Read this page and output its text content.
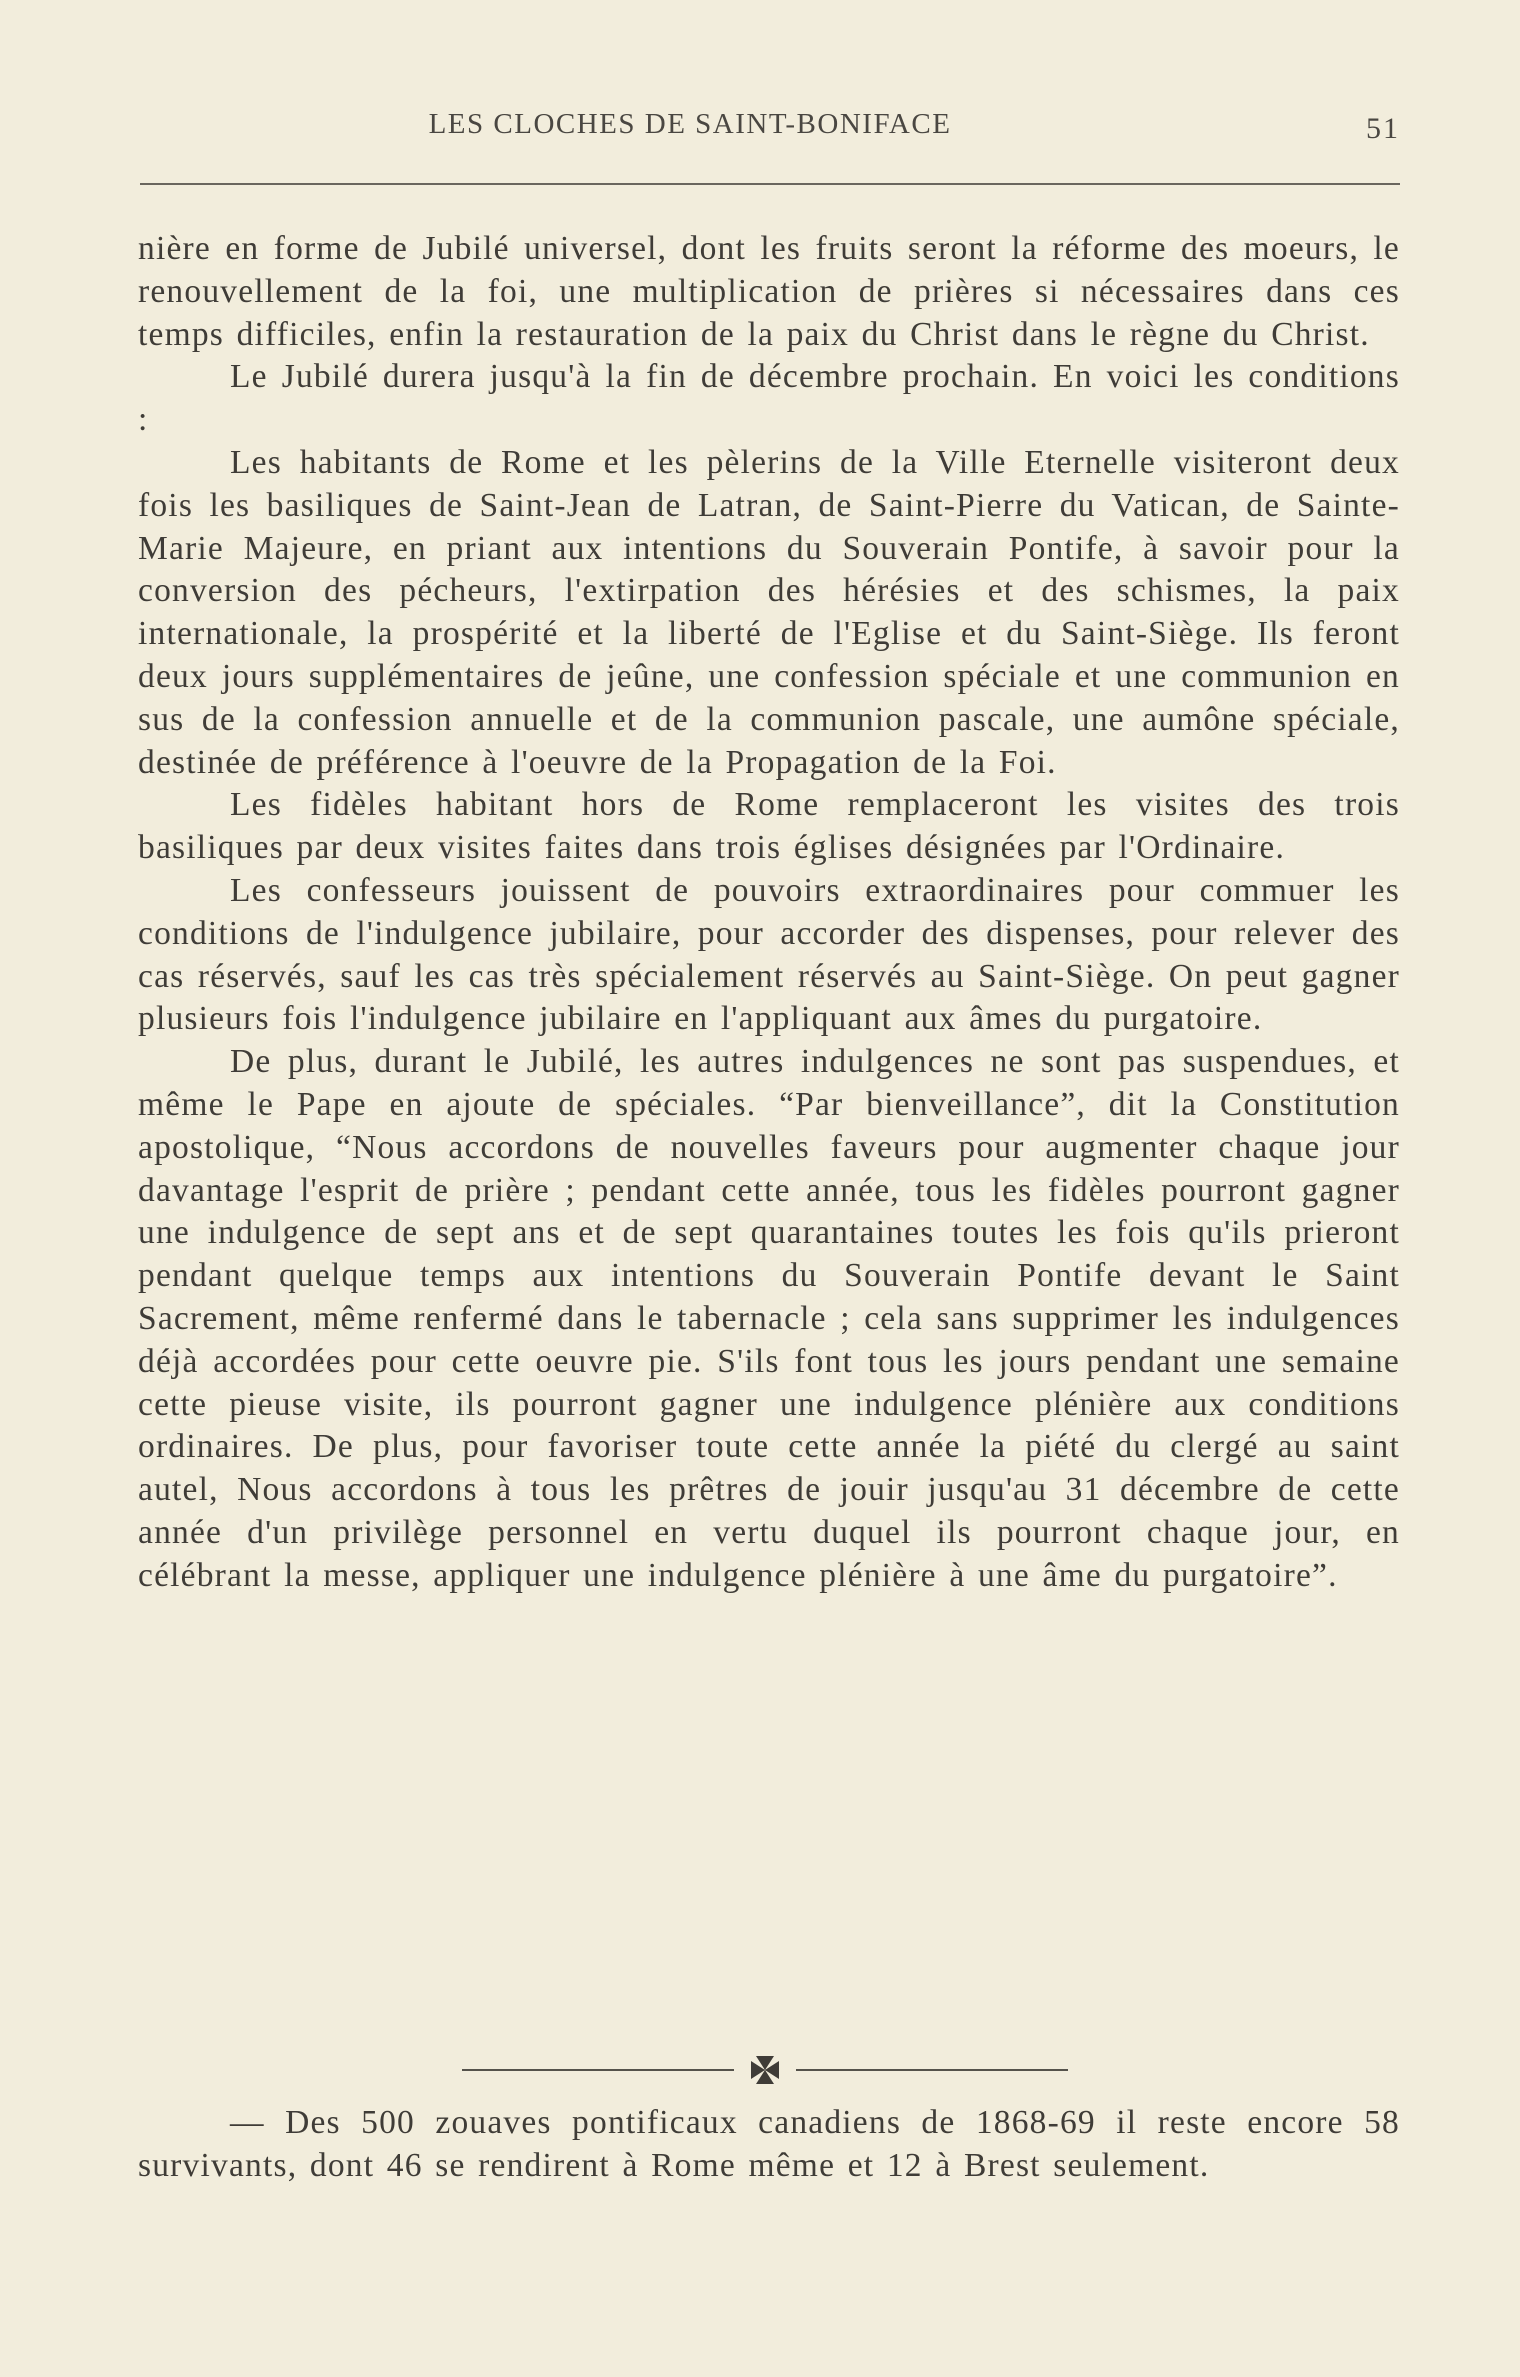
LES CLOCHES DE SAINT-BONIFACE	51

nière en forme de Jubilé universel, dont les fruits seront la réforme des moeurs, le renouvellement de la foi, une multiplication de prières si nécessaires dans ces temps difficiles, enfin la restauration de la paix du Christ dans le règne du Christ.

Le Jubilé durera jusqu'à la fin de décembre prochain. En voici les conditions :

Les habitants de Rome et les pèlerins de la Ville Eternelle visiteront deux fois les basiliques de Saint-Jean de Latran, de Saint-Pierre du Vatican, de Sainte-Marie Majeure, en priant aux intentions du Souverain Pontife, à savoir pour la conversion des pécheurs, l'extirpation des hérésies et des schismes, la paix internationale, la prospérité et la liberté de l'Eglise et du Saint-Siège. Ils feront deux jours supplémentaires de jeûne, une confession spéciale et une communion en sus de la confession annuelle et de la communion pascale, une aumône spéciale, destinée de préférence à l'oeuvre de la Propagation de la Foi.

Les fidèles habitant hors de Rome remplaceront les visites des trois basiliques par deux visites faites dans trois églises désignées par l'Ordinaire.

Les confesseurs jouissent de pouvoirs extraordinaires pour commuer les conditions de l'indulgence jubilaire, pour accorder des dispenses, pour relever des cas réservés, sauf les cas très spécialement réservés au Saint-Siège. On peut gagner plusieurs fois l'indulgence jubilaire en l'appliquant aux âmes du purgatoire.

De plus, durant le Jubilé, les autres indulgences ne sont pas suspendues, et même le Pape en ajoute de spéciales. “Par bienveillance”, dit la Constitution apostolique, “Nous accordons de nouvelles faveurs pour augmenter chaque jour davantage l'esprit de prière ; pendant cette année, tous les fidèles pourront gagner une indulgence de sept ans et de sept quarantaines toutes les fois qu'ils prieront pendant quelque temps aux intentions du Souverain Pontife devant le Saint Sacrement, même renfermé dans le tabernacle ; cela sans supprimer les indulgences déjà accordées pour cette oeuvre pie. S'ils font tous les jours pendant une semaine cette pieuse visite, ils pourront gagner une indulgence plénière aux conditions ordinaires. De plus, pour favoriser toute cette année la piété du clergé au saint autel, Nous accordons à tous les prêtres de jouir jusqu'au 31 décembre de cette année d'un privilège personnel en vertu duquel ils pourront chaque jour, en célébrant la messe, appliquer une indulgence plénière à une âme du purgatoire”.

— Des 500 zouaves pontificaux canadiens de 1868-69 il reste encore 58 survivants, dont 46 se rendirent à Rome même et 12 à Brest seulement.
